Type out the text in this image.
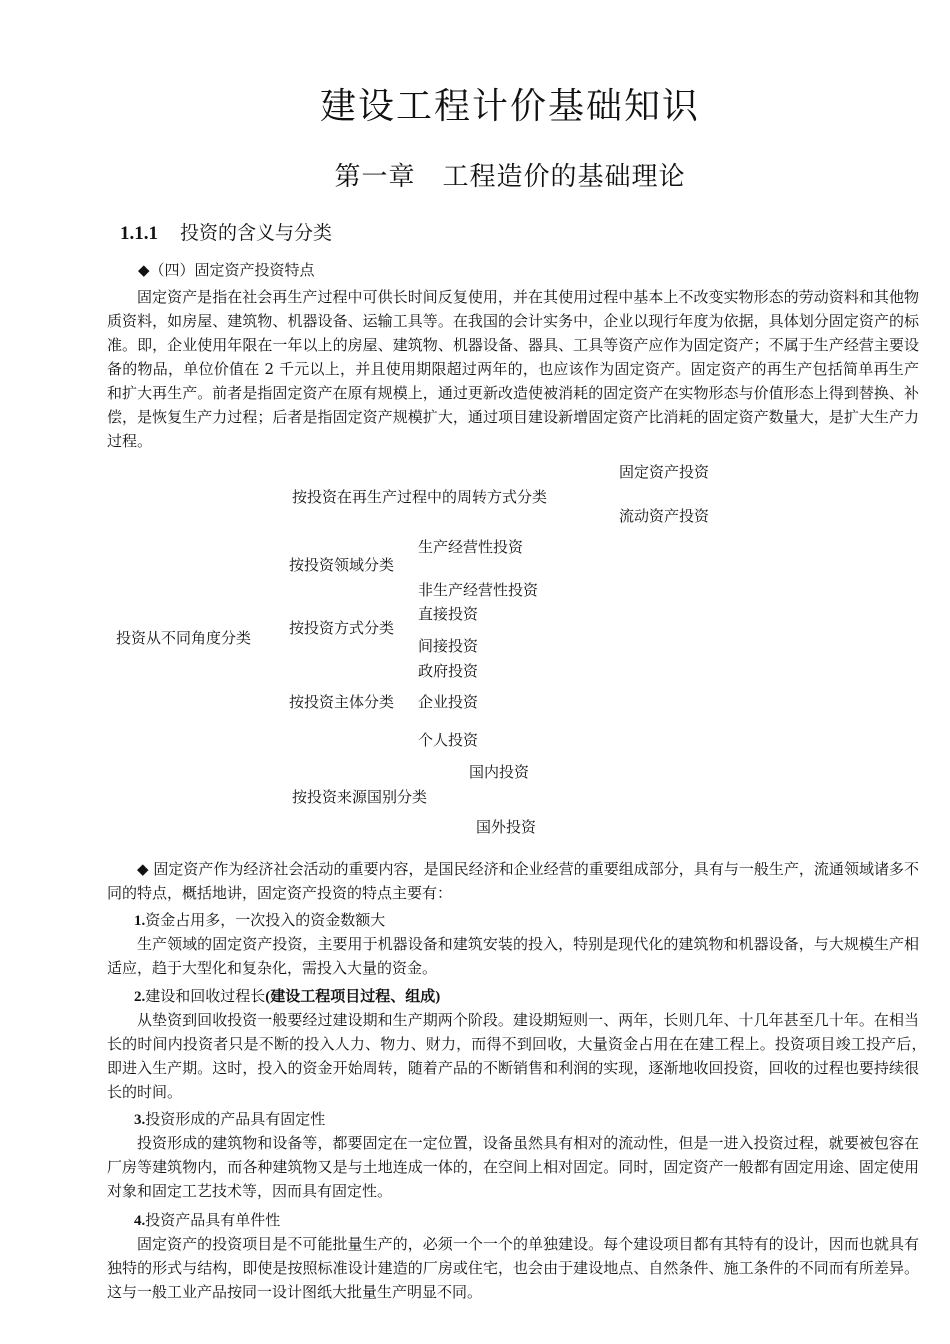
建设工程计价基础知识
第一章　工程造价的基础理论
1.1.1 投资的含义与分类
◆（四）固定资产投资特点
固定资产是指在社会再生产过程中可供长时间反复使用，并在其使用过程中基本上不改变实物形态的劳动资料和其他物质资料，如房屋、建筑物、机器设备、运输工具等。在我国的会计实务中，企业以现行年度为依据，具体划分固定资产的标准。即，企业使用年限在一年以上的房屋、建筑物、机器设备、器具、工具等资产应作为固定资产；不属于生产经营主要设备的物品，单位价值在 2 千元以上，并且使用期限超过两年的，也应该作为固定资产。固定资产的再生产包括简单再生产和扩大再生产。前者是指固定资产在原有规模上，通过更新改造使被消耗的固定资产在实物形态与价值形态上得到替换、补偿，是恢复生产力过程；后者是指固定资产规模扩大，通过项目建设新增固定资产比消耗的固定资产数量大，是扩大生产力过程。
投资从不同角度分类
按投资在再生产过程中的周转方式分类
固定资产投资
流动资产投资
按投资领域分类
生产经营性投资
非生产经营性投资
按投资方式分类
直接投资
间接投资
按投资主体分类
政府投资
企业投资
个人投资
按投资来源国别分类
国内投资
国外投资
◆ 固定资产作为经济社会活动的重要内容，是国民经济和企业经营的重要组成部分，具有与一般生产，流通领域诸多不同的特点，概括地讲，固定资产投资的特点主要有：
1.资金占用多，一次投入的资金数额大
生产领域的固定资产投资，主要用于机器设备和建筑安装的投入，特别是现代化的建筑物和机器设备，与大规模生产相适应，趋于大型化和复杂化，需投入大量的资金。
2.建设和回收过程长(建设工程项目过程、组成)
从垫资到回收投资一般要经过建设期和生产期两个阶段。建设期短则一、两年，长则几年、十几年甚至几十年。在相当长的时间内投资者只是不断的投入人力、物力、财力，而得不到回收，大量资金占用在在建工程上。投资项目竣工投产后，　即进入生产期。这时，投入的资金开始周转，随着产品的不断销售和利润的实现，逐渐地收回投资，回收的过程也要持续很长的时间。
3.投资形成的产品具有固定性
投资形成的建筑物和设备等，都要固定在一定位置，设备虽然具有相对的流动性，但是一进入投资过程，就要被包容在厂房等建筑物内，而各种建筑物又是与土地连成一体的，在空间上相对固定。同时，固定资产一般都有固定用途、固定使用对象和固定工艺技术等，因而具有固定性。
4.投资产品具有单件性
固定资产的投资项目是不可能批量生产的，必须一个一个的单独建设。每个建设项目都有其特有的设计，因而也就具有独特的形式与结构，即使是按照标准设计建造的厂房或住宅，也会由于建设地点、自然条件、施工条件的不同而有所差异。这与一般工业产品按同一设计图纸大批量生产明显不同。
